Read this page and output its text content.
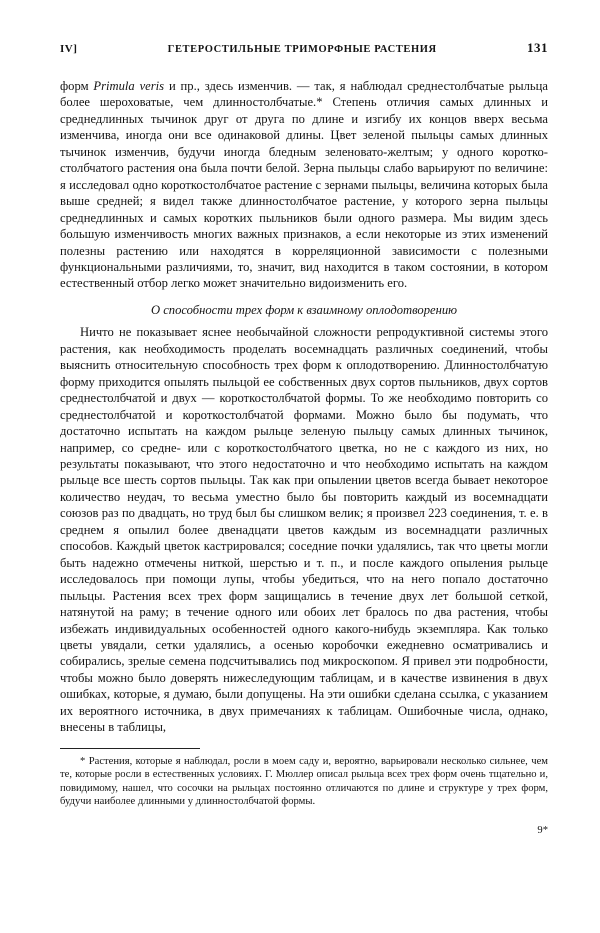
IV]	ГЕТЕРОСТИЛЬНЫЕ ТРИМОРФНЫЕ РАСТЕНИЯ	131

форм Primula veris и пр., здесь изменчив. — так, я наблюдал среднестолбчатые рыльца более шероховатые, чем длинностолбчатые.* Степень отличия самых длинных и среднедлинных тычинок друг от друга по длине и изгибу их концов вверх весьма изменчива, иногда они все одинаковой длины. Цвет зеленой пыльцы самых длинных тычинок изменчив, будучи иногда бледным зеленовато-желтым; у одного короткостолбчатого растения она была почти белой. Зерна пыльцы слабо варьируют по величине: я исследовал одно короткостолбчатое растение с зернами пыльцы, величина которых была выше средней; я видел также длинностолбчатое растение, у которого зерна пыльцы среднедлинных и самых коротких пыльников были одного размера. Мы видим здесь большую изменчивость многих важных признаков, а если некоторые из этих изменений полезны растению или находятся в корреляционной зависимости с полезными функциональными различиями, то, значит, вид находится в таком состоянии, в котором естественный отбор легко может значительно видоизменить его.

О способности трех форм к взаимному оплодотворению

Ничто не показывает яснее необычайной сложности репродуктивной системы этого растения, как необходимость проделать восемнадцать различных соединений, чтобы выяснить относительную способность трех форм к оплодотворению. Длинностолбчатую форму приходится опылять пыльцой ее собственных двух сортов пыльников, двух сортов среднестолбчатой и двух — короткостолбчатой формы. То же необходимо повторить со среднестолбчатой и короткостолбчатой формами. Можно было бы подумать, что достаточно испытать на каждом рыльце зеленую пыльцу самых длинных тычинок, например, со средне- или с короткостолбчатого цветка, но не с каждого из них, но результаты показывают, что этого недостаточно и что необходимо испытать на каждом рыльце все шесть сортов пыльцы. Так как при опылении цветов всегда бывает некоторое количество неудач, то весьма уместно было бы повторить каждый из восемнадцати союзов раз по двадцать, но труд был бы слишком велик; я произвел 223 соединения, т. е. в среднем я опылил более двенадцати цветов каждым из восемнадцати различных способов. Каждый цветок кастрировался; соседние почки удалялись, так что цветы могли быть надежно отмечены ниткой, шерстью и т. п., и после каждого опыления рыльце исследовалось при помощи лупы, чтобы убедиться, что на него попало достаточно пыльцы. Растения всех трех форм защищались в течение двух лет большой сеткой, натянутой на раму; в течение одного или обоих лет бралось по два растения, чтобы избежать индивидуальных особенностей одного какого-нибудь экземпляра. Как только цветы увядали, сетки удалялись, а осенью коробочки ежедневно осматривались и собирались, зрелые семена подсчитывались под микроскопом. Я привел эти подробности, чтобы можно было доверять нижеследующим таблицам, и в качестве извинения в двух ошибках, которые, я думаю, были допущены. На эти ошибки сделана ссылка, с указанием их вероятного источника, в двух примечаниях к таблицам. Ошибочные числа, однако, внесены в таблицы,

* Растения, которые я наблюдал, росли в моем саду и, вероятно, варьировали несколько сильнее, чем те, которые росли в естественных условиях. Г. Мюллер описал рыльца всех трех форм очень тщательно и, повидимому, нашел, что сосочки на рыльцах постоянно отличаются по длине и структуре у трех форм, будучи наиболее длинными у длинностолбчатой формы.
9*
